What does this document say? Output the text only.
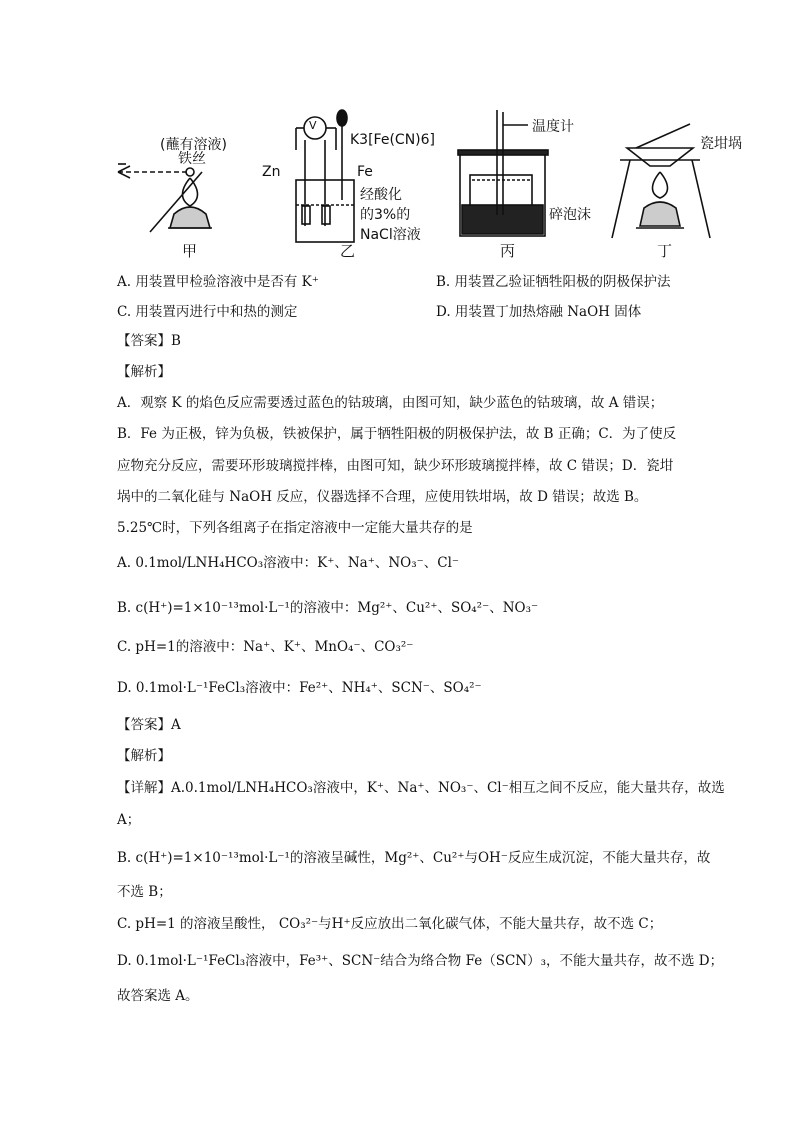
铁丝
(蘸有溶液)
甲
V
K3[Fe(CN)6]
Zn	Fe
经酸化
的3%的
NaCl溶液
乙
温度计
碎泡沫
丙
瓷坩埚
丁
A. 用装置甲检验溶液中是否有 K⁺	B. 用装置乙验证牺牲阳极的阴极保护法
C. 用装置丙进行中和热的测定	D. 用装置丁加热熔融 NaOH 固体
【答案】B
【解析】
A．观察 K 的焰色反应需要透过蓝色的钴玻璃，由图可知，缺少蓝色的钴玻璃，故 A 错误；
B．Fe 为正极，锌为负极，铁被保护，属于牺牲阳极的阴极保护法，故 B 正确；C．为了使反
应物充分反应，需要环形玻璃搅拌棒，由图可知，缺少环形玻璃搅拌棒，故 C 错误；D．瓷坩
埚中的二氧化硅与 NaOH 反应，仪器选择不合理，应使用铁坩埚，故 D 错误；故选 B。
5.25℃时，下列各组离子在指定溶液中一定能大量共存的是
A. 0.1mol/LNH₄HCO₃溶液中：K⁺、Na⁺、NO₃⁻、Cl⁻
B. c(H⁺)=1×10⁻¹³mol·L⁻¹的溶液中：Mg²⁺、Cu²⁺、SO₄²⁻、NO₃⁻
C. pH=1的溶液中：Na⁺、K⁺、MnO₄⁻、CO₃²⁻
D. 0.1mol·L⁻¹FeCl₃溶液中：Fe²⁺、NH₄⁺、SCN⁻、SO₄²⁻
【答案】A
【解析】
【详解】A.0.1mol/LNH₄HCO₃溶液中，K⁺、Na⁺、NO₃⁻、Cl⁻相互之间不反应，能大量共存，故选
A；
B. c(H⁺)=1×10⁻¹³mol·L⁻¹的溶液呈碱性，Mg²⁺、Cu²⁺与OH⁻反应生成沉淀，不能大量共存，故
不选 B；
C. pH=1 的溶液呈酸性， CO₃²⁻与H⁺反应放出二氧化碳气体，不能大量共存，故不选 C；
D. 0.1mol·L⁻¹FeCl₃溶液中，Fe³⁺、SCN⁻结合为络合物 Fe（SCN）₃，不能大量共存，故不选 D；
故答案选 A。
